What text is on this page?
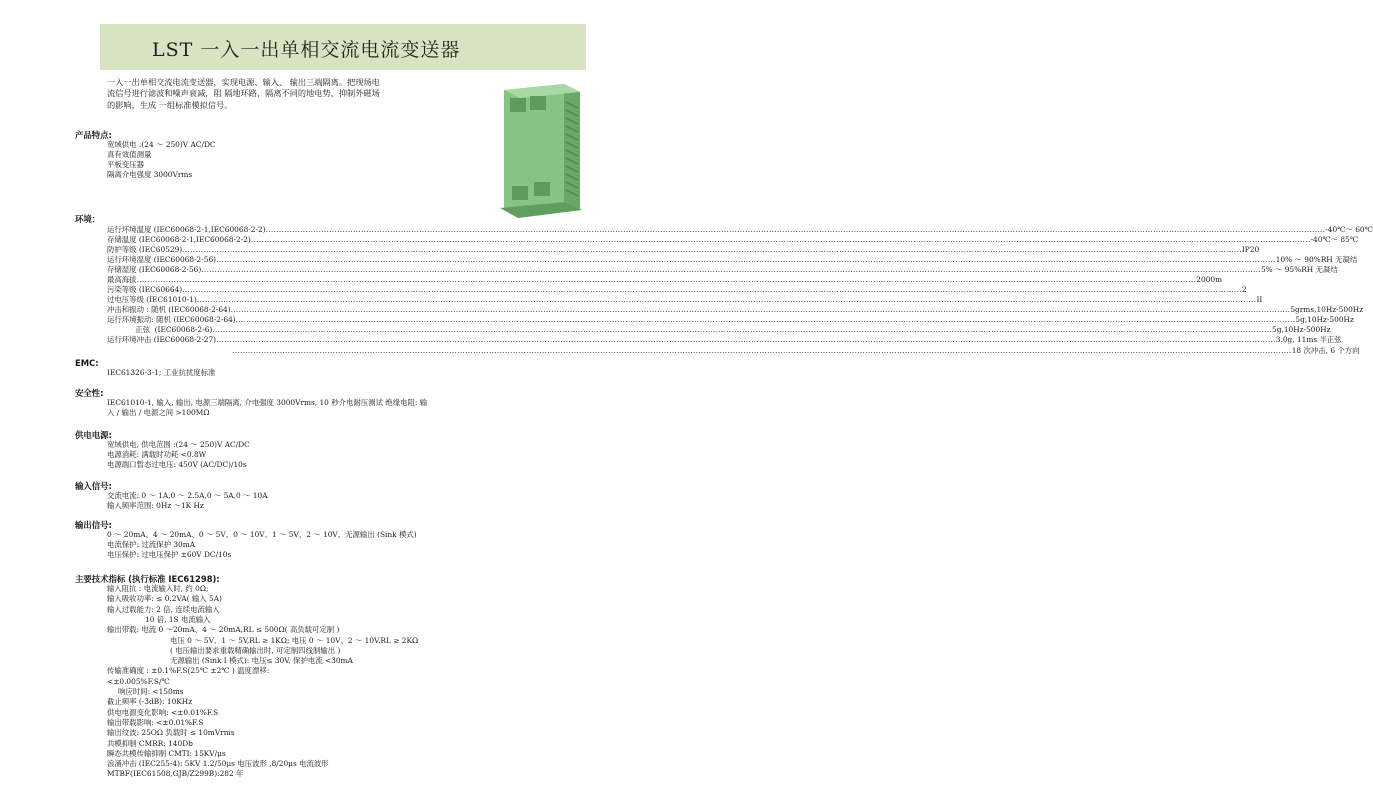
LST 一入一出单相交流电流变送器
一入一出单相交流电流变送器，实现电源、输入、 输出三端隔离。把现场电流信号进行滤波和噪声衰减，阻 隔地环路，隔离不同的地电势，抑制外磁场的影响，生成 一组标准模拟信号。
产品特点:
宽域供电 :(24 ～ 250)V AC/DC
真有效值测量
平板变压器
隔离介电强度 3000Vrms
环境：
运行环境温度 (IEC60068-2-1,IEC60068-2-2) ................................................................................................................................................................................................................................................................................................................................................................................................................ -40℃～ 60℃
存储温度 (IEC60068-2-1,IEC60068-2-2) ................................................................................................................................................................................................................................................................................................................................................................................................................ -40℃～ 85℃
防护等级 (IEC60529) ................................................................................................................................................................................................................................................................................................................................................................................................................ IP20
运行环境湿度 (IEC60068-2-56) ................................................................................................................................................................................................................................................................................................................................................................................................................ 10% ～ 90%RH 无凝结
存储湿度 (IEC60068-2-56) ................................................................................................................................................................................................................................................................................................................................................................................................................ 5% ～ 95%RH 无凝结
最高海拔 ................................................................................................................................................................................................................................................................................................................................................................................................................ 2000m
污染等级 (IEC60664) ................................................................................................................................................................................................................................................................................................................................................................................................................ 2
过电压等级 (IEC61010-1) ................................................................................................................................................................................................................................................................................................................................................................................................................ II
冲击和振动 : 随机 (IEC60068-2-64) ................................................................................................................................................................................................................................................................................................................................................................................................................ 5grms,10Hz-500Hz
运行环境振动: 随机 (IEC60068-2-64) ................................................................................................................................................................................................................................................................................................................................................................................................................ 5g,10Hz-500Hz
正弦  (IEC60068-2-6) ................................................................................................................................................................................................................................................................................................................................................................................................................ 5g,10Hz-500Hz
运行环境冲击 (IEC60068-2-27) ................................................................................................................................................................................................................................................................................................................................................................................................................ 3.0g, 11ms 半正弦
................................................................................................................................................................................................................................................................................................................................................................................................................ 18 次冲击, 6 个方向
EMC:
IEC61326-3-1; 工业抗扰度标准
安全性:
IEC61010-1, 输入, 输出, 电源三端隔离, 介电强度 3000Vrms, 10 秒介电耐压测试 绝缘电阻: 输
入 / 输出 / 电源之间 >100MΩ
供电电源:
宽域供电, 供电范围 :(24 ～ 250)V AC/DC
电源消耗: 满载时功耗 <0.8W
电源端口暂态过电压: 450V (AC/DC)/10s
输入信号:
交流电流: 0 ～ 1A,0 ～ 2.5A,0 ～ 5A,0 ～ 10A
输入频率范围: 0Hz ～1K Hz
输出信号:
0 ～ 20mA、4 ～ 20mA、0 ～ 5V、0 ～ 10V、1 ～ 5V、2 ～ 10V、无源输出 (Sink 模式)
电流保护: 过流保护 30mA
电压保护: 过电压保护 ±60V DC/10s
主要技术指标 (执行标准 IEC61298):
输入阻抗 : 电流输入时, 约 0Ω;
输入吸收功率: ≤ 0.2VA( 输入 5A)
输入过载能力: 2 倍, 连续电流输入
10 倍, 1S 电流输入
输出带载: 电流 0 ～20mA、4 ～ 20mA,RL ≤ 500Ω( 高负载可定制 )
电压 0 ～ 5V、1 ～ 5V,RL ≥ 1KΩ; 电压 0 ～ 10V、2 ～ 10V,RL ≥ 2KΩ
( 电压输出要求重载精确输出时, 可定制四线制输出 )
无源输出 (Sink I 模式): 电压≤ 30V, 保护电流 <30mA
传输准确度 : ±0.1%F.S(25℃ ±2℃ ) 温度漂移:
<±0.005%F.S/℃
响应时间: <150ms
截止频率 (-3dB): 10KHz
供电电源变化影响: <±0.01%F.S
输出带载影响: <±0.01%F.S
输出纹波: 25OΩ 负载时 ≤ 10mVrms
共模抑制 CMRR: 140Db
瞬态共模传输抑制 CMTI: 15KV/μs
浪涌冲击 (IEC255-4): 5KV 1.2/50μs 电压波形 ,8/20μs 电流波形
MTBF(IEC61508,GJB/Z299B):282 年
